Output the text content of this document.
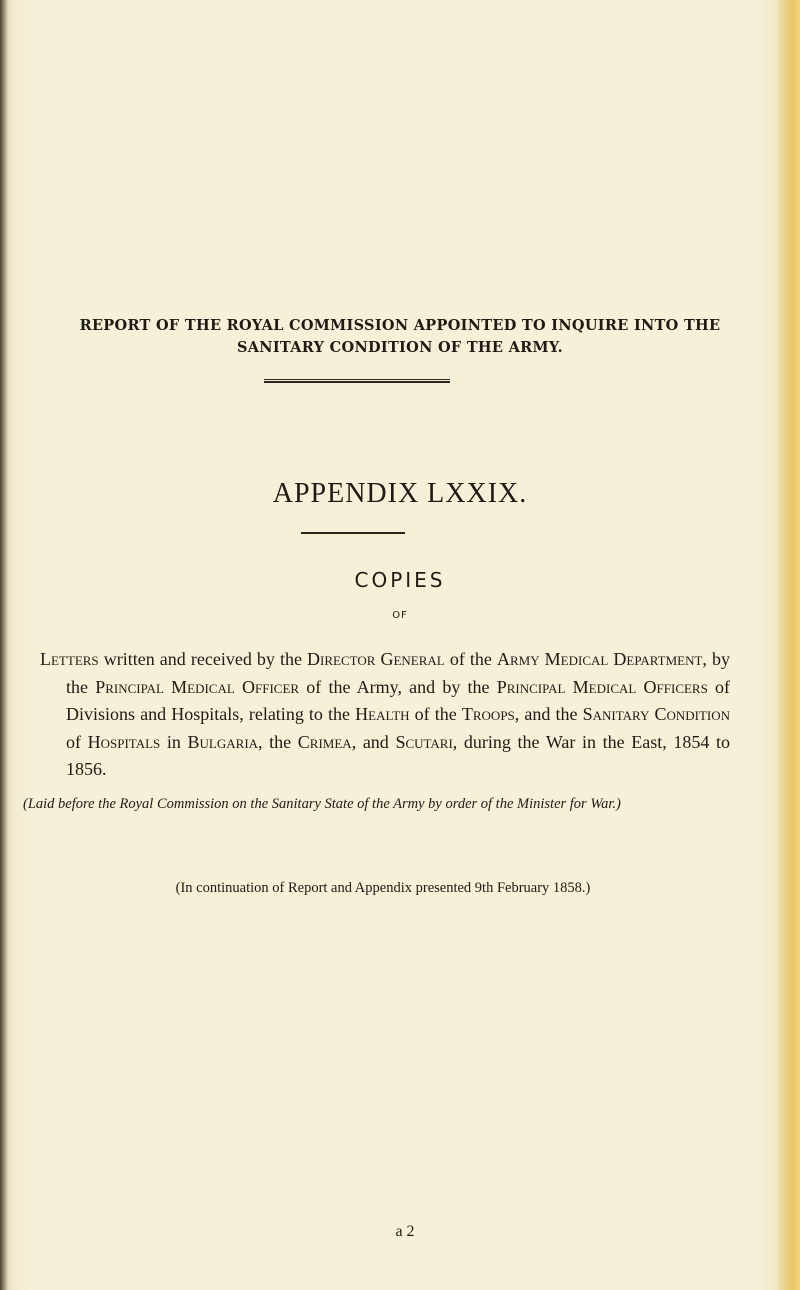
REPORT OF THE ROYAL COMMISSION APPOINTED TO INQUIRE INTO THE
SANITARY CONDITION OF THE ARMY.
APPENDIX LXXIX.
COPIES
OF
Letters written and received by the Director General of the Army Medical Department, by the Principal Medical Officer of the Army, and by the Principal Medical Officers of Divisions and Hospitals, relating to the Health of the Troops, and the Sanitary Condition of Hospitals in Bulgaria, the Crimea, and Scutari, during the War in the East, 1854 to 1856.
(Laid before the Royal Commission on the Sanitary State of the Army by order of the Minister for War.)
(In continuation of Report and Appendix presented 9th February 1858.)
a 2
